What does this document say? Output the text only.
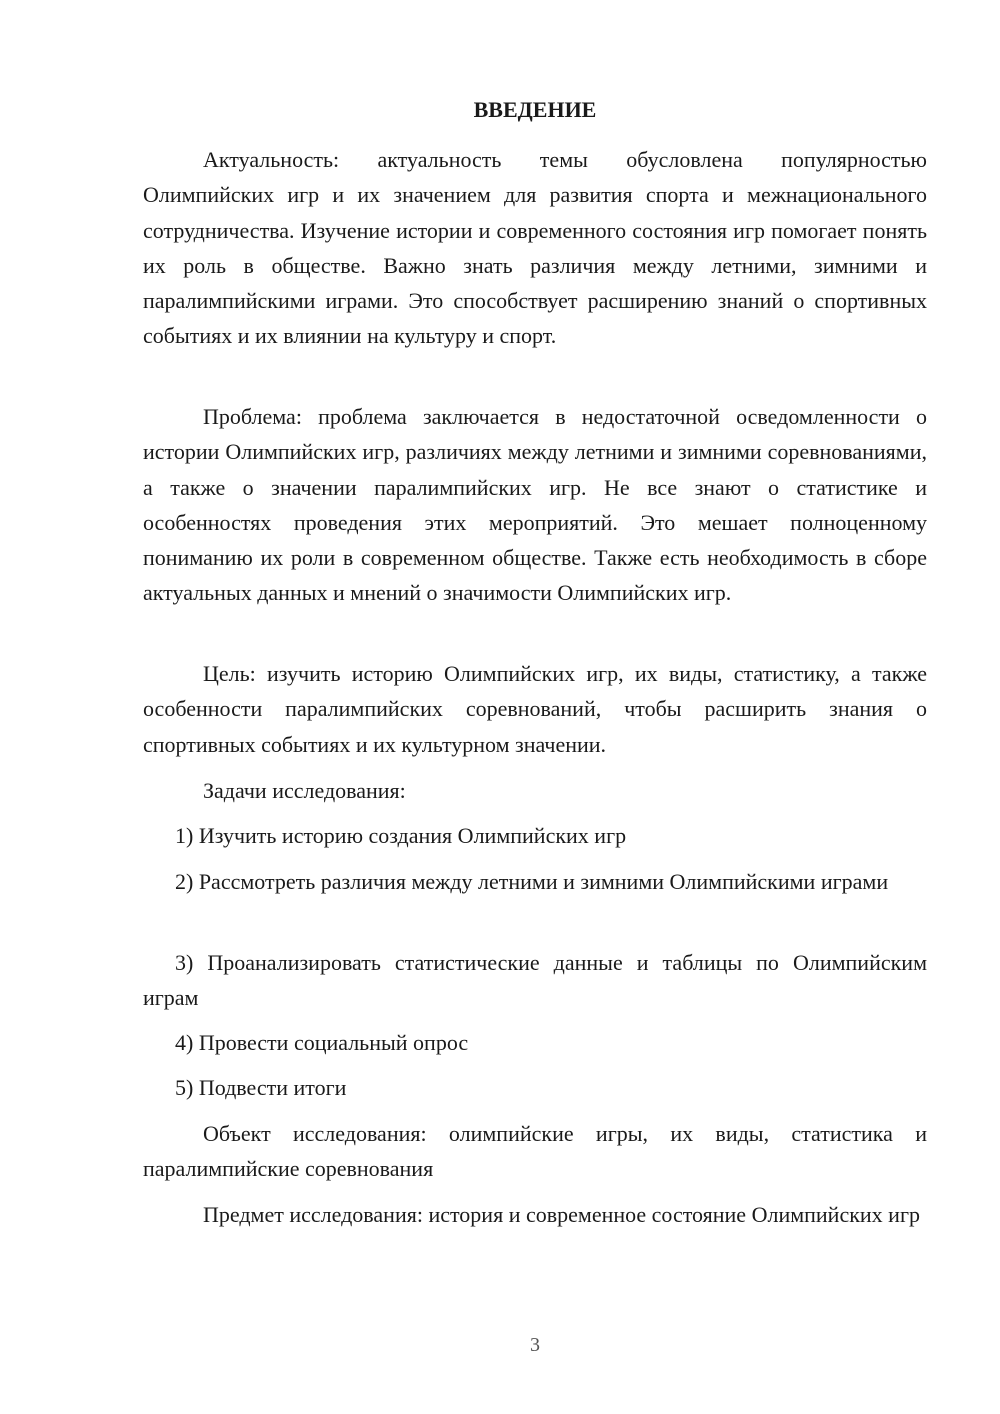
ВВЕДЕНИЕ

Актуальность: актуальность темы обусловлена популярностью Олимпийских игр и их значением для развития спорта и межнационального сотрудничества. Изучение истории и современного состояния игр помогает понять их роль в обществе. Важно знать различия между летними, зимними и паралимпийскими играми. Это способствует расширению знаний о спортивных событиях и их влиянии на культуру и спорт.

Проблема: проблема заключается в недостаточной осведомленности о истории Олимпийских игр, различиях между летними и зимними соревнованиями, а также о значении паралимпийских игр. Не все знают о статистике и особенностях проведения этих мероприятий. Это мешает полноценному пониманию их роли в современном обществе. Также есть необходимость в сборе актуальных данных и мнений о значимости Олимпийских игр.

Цель: изучить историю Олимпийских игр, их виды, статистику, а также особенности паралимпийских соревнований, чтобы расширить знания о спортивных событиях и их культурном значении.

Задачи исследования:

1) Изучить историю создания Олимпийских игр

2) Рассмотреть различия между летними и зимними Олимпийскими играми

3) Проанализировать статистические данные и таблицы по Олимпийским играм

4) Провести социальный опрос

5) Подвести итоги

Объект исследования: олимпийские игры, их виды, статистика и паралимпийские соревнования

Предмет исследования: история и современное состояние Олимпийских игр

3
